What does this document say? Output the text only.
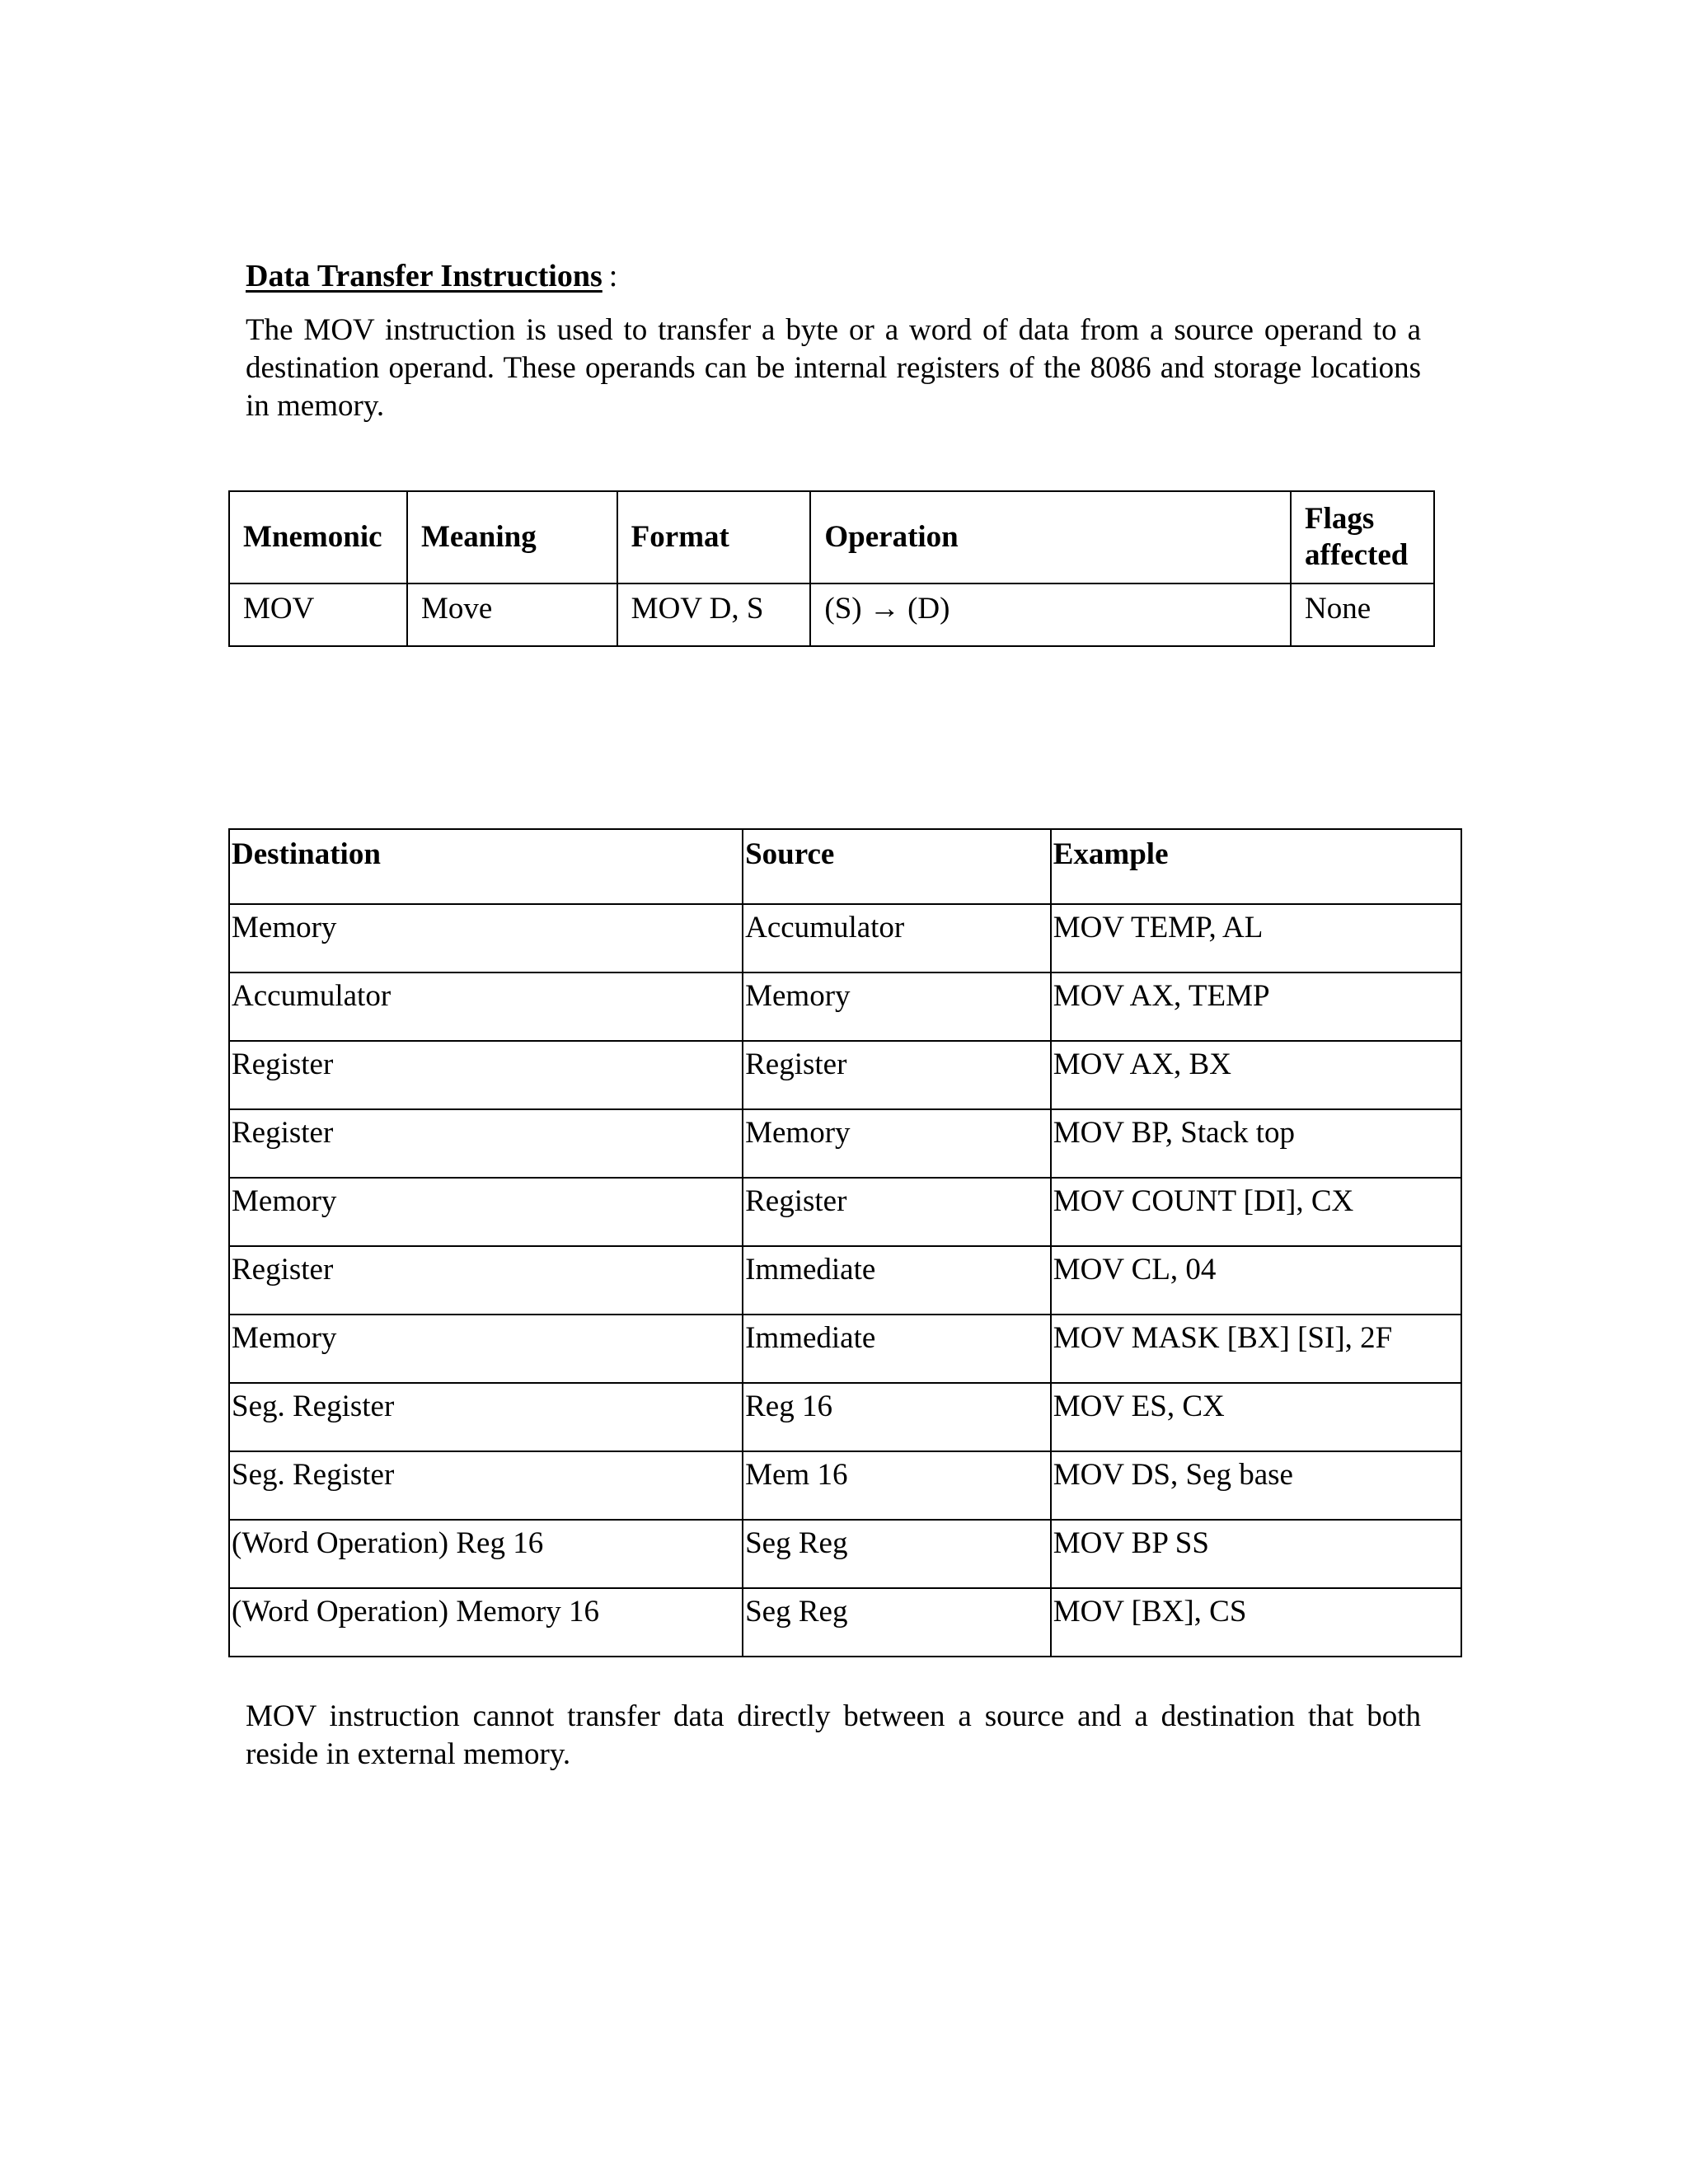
Data Transfer Instructions :

The MOV instruction is used to transfer a byte or a word of data from a source operand to a destination operand. These operands can be internal registers of the 8086 and storage locations in memory.

Mnemonic	Meaning	Format	Operation	Flags affected
MOV	Move	MOV D, S	(S) → (D)	None
Destination	Source	Example
Memory	Accumulator	MOV TEMP, AL
Accumulator	Memory	MOV AX, TEMP
Register	Register	MOV AX, BX
Register	Memory	MOV BP, Stack top
Memory	Register	MOV COUNT [DI], CX
Register	Immediate	MOV CL, 04
Memory	Immediate	MOV MASK [BX] [SI], 2F
Seg. Register	Reg 16	MOV ES, CX
Seg. Register	Mem 16	MOV DS, Seg base
(Word Operation) Reg 16	Seg Reg	MOV BP SS
(Word Operation) Memory 16	Seg Reg	MOV [BX], CS

MOV instruction cannot transfer data directly between a source and a destination that both reside in external memory.
